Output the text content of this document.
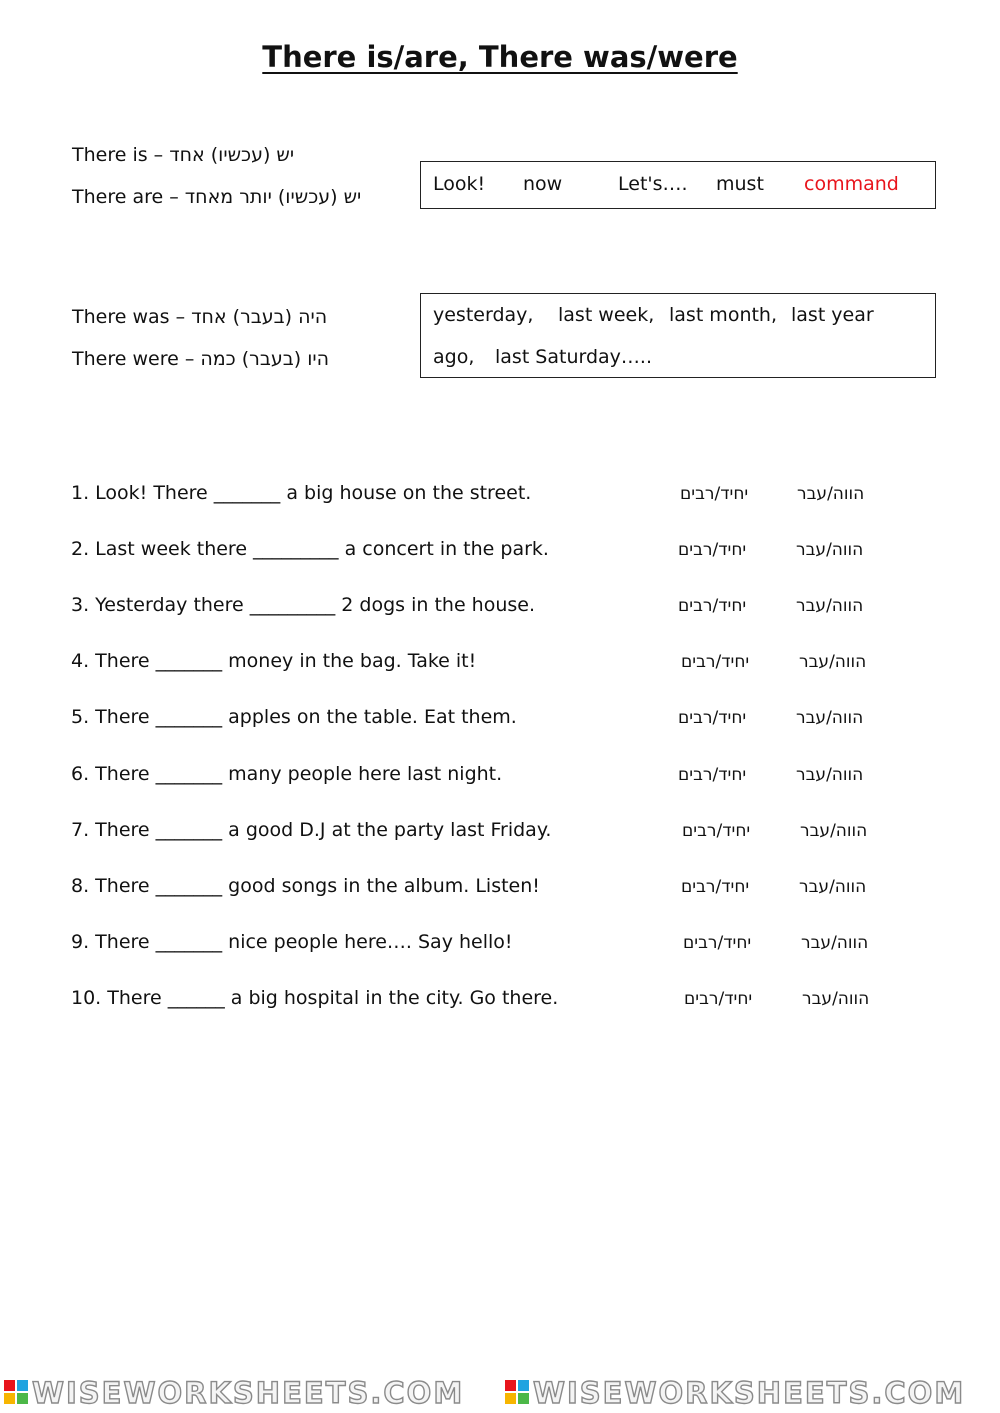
There is/are, There was/were
There is – יש (עכשיו) אחד
There are – יש (עכשיו) יותר מאחד
Look! now	Let's…. must command
There was – היה (בעבר) אחד
There were – היו (בעבר) כמה
yesterday, last week, last month, last year
ago, last Saturday…..
1. Look! There _______ a big house on the street.	יחיד/רבים	הווה/עבר
2. Last week there _________ a concert in the park.	יחיד/רבים	הווה/עבר
3. Yesterday there _________ 2 dogs in the house.	יחיד/רבים	הווה/עבר
4. There _______ money in the bag. Take it!	יחיד/רבים	הווה/עבר
5. There _______ apples on the table. Eat them.	יחיד/רבים	הווה/עבר
6. There _______ many people here last night.	יחיד/רבים	הווה/עבר
7. There _______ a good D.J at the party last Friday.	יחיד/רבים	הווה/עבר
8. There _______ good songs in the album. Listen!	יחיד/רבים	הווה/עבר
9. There _______ nice people here…. Say hello!	יחיד/רבים	הווה/עבר
10. There ______ a big hospital in the city. Go there.	יחיד/רבים	הווה/עבר
WISEWORKSHEETS.COM WISEWORKSHEETS.COM
